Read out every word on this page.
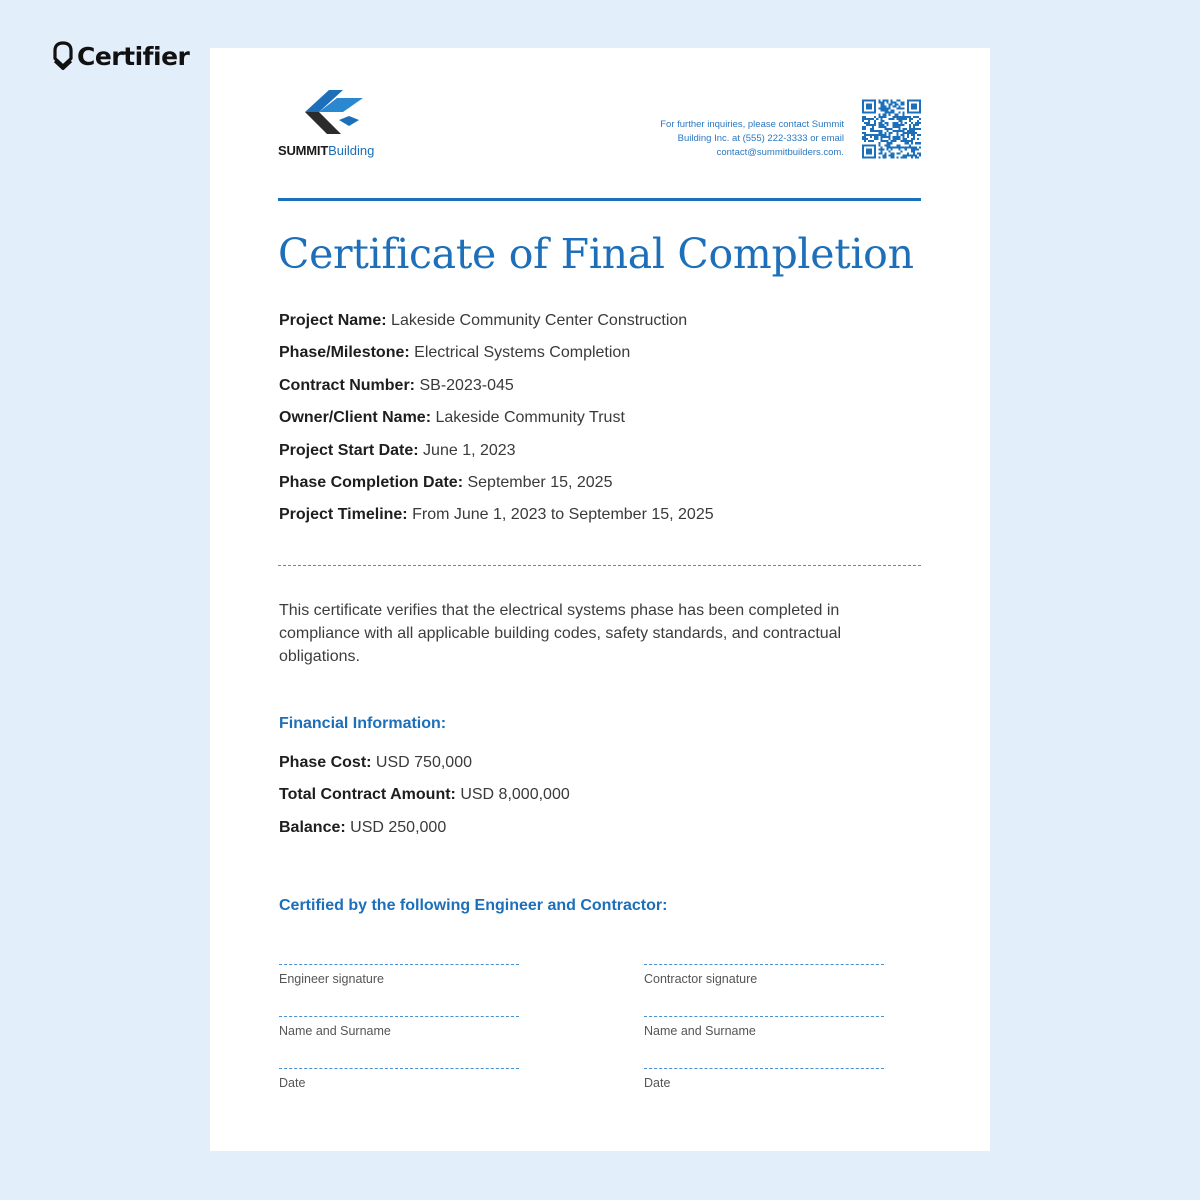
Certifier
SUMMITBuilding
For further inquiries, please contact Summit Building Inc. at (555) 222-3333 or email contact@summitbuilders.com.
Certificate of Final Completion
Project Name: Lakeside Community Center Construction
Phase/Milestone: Electrical Systems Completion
Contract Number: SB-2023-045
Owner/Client Name: Lakeside Community Trust
Project Start Date: June 1, 2023
Phase Completion Date: September 15, 2025
Project Timeline: From June 1, 2023 to September 15, 2025

This certificate verifies that the electrical systems phase has been completed in compliance with all applicable building codes, safety standards, and contractual obligations.

Financial Information:
Phase Cost: USD 750,000
Total Contract Amount: USD 8,000,000
Balance: USD 250,000
Certified by the following Engineer and Contractor:
Engineer signature
Name and Surname
Date
Contractor signature
Name and Surname
Date
